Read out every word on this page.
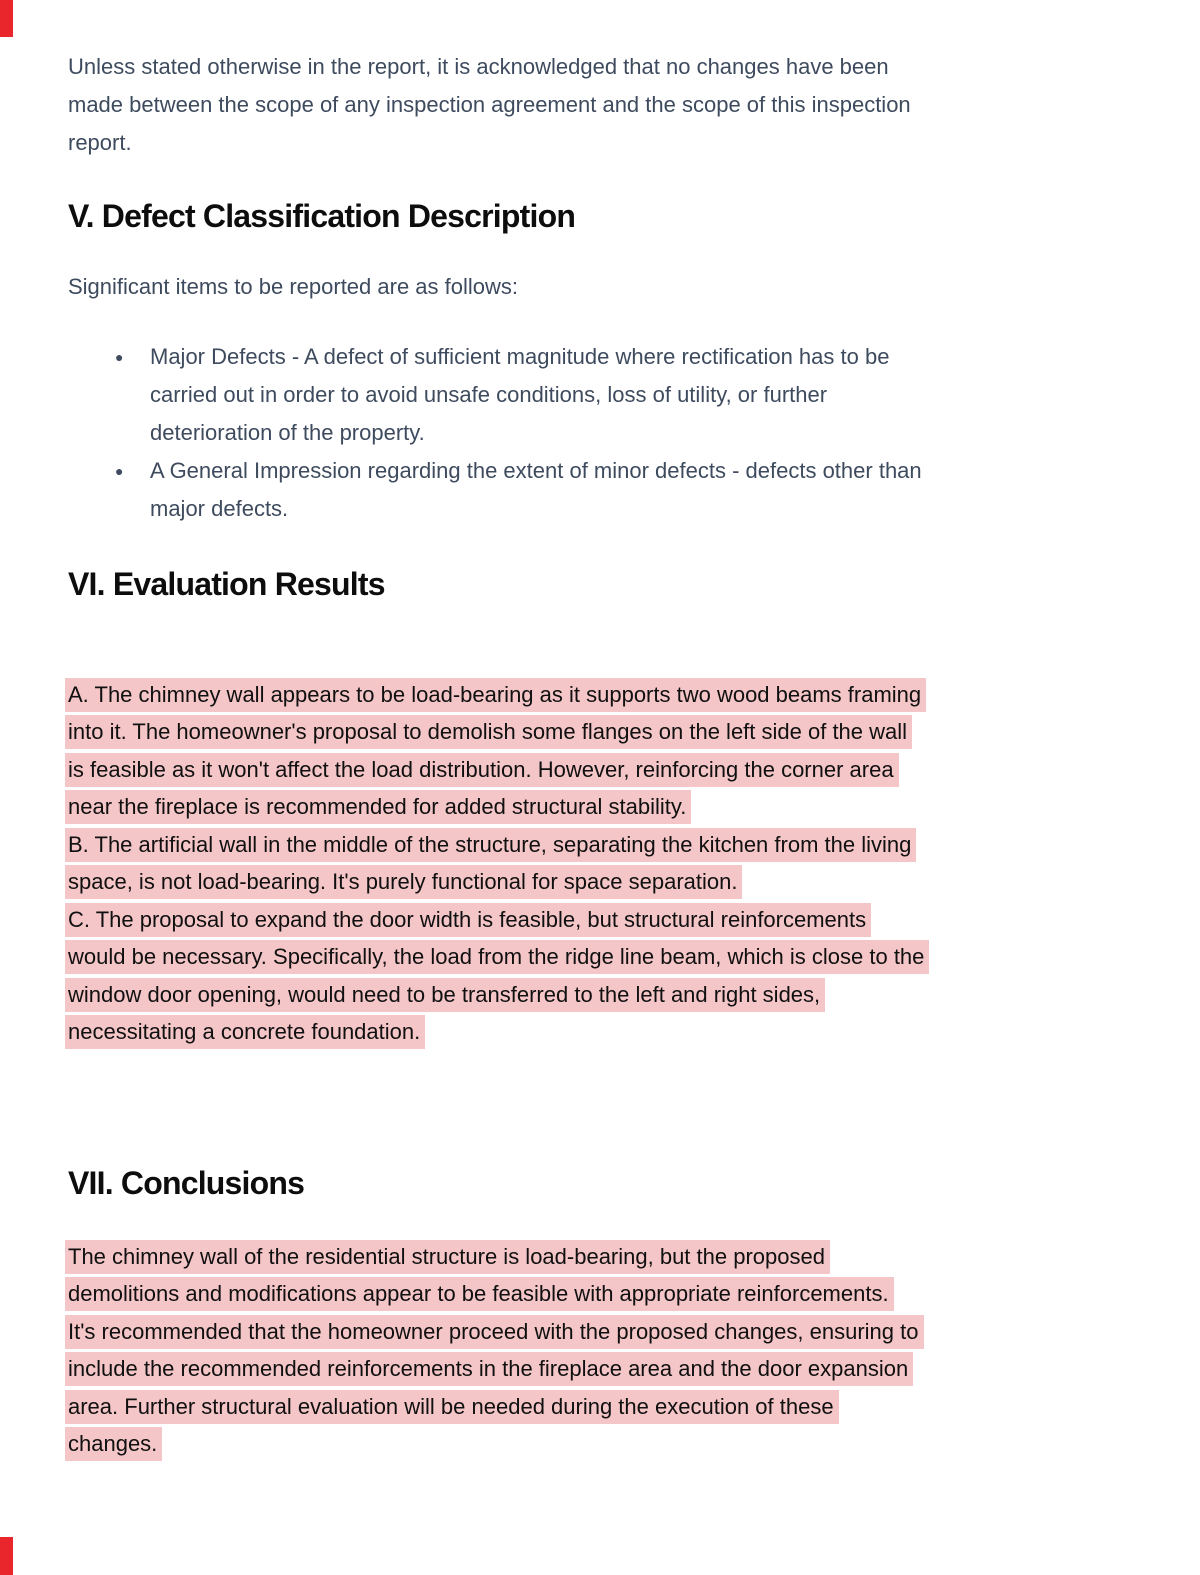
Unless stated otherwise in the report, it is acknowledged that no changes have been
made between the scope of any inspection agreement and the scope of this inspection
report.
V. Defect Classification Description
Significant items to be reported are as follows:
●	Major Defects - A defect of sufficient magnitude where rectification has to be
carried out in order to avoid unsafe conditions, loss of utility, or further
deterioration of the property.
●	A General Impression regarding the extent of minor defects - defects other than
major defects.
VI. Evaluation Results
A. The chimney wall appears to be load-bearing as it supports two wood beams framing
into it. The homeowner's proposal to demolish some flanges on the left side of the wall
is feasible as it won't affect the load distribution. However, reinforcing the corner area
near the fireplace is recommended for added structural stability.
B. The artificial wall in the middle of the structure, separating the kitchen from the living
space, is not load-bearing. It's purely functional for space separation.
C. The proposal to expand the door width is feasible, but structural reinforcements
would be necessary. Specifically, the load from the ridge line beam, which is close to the
window door opening, would need to be transferred to the left and right sides,
necessitating a concrete foundation.
VII. Conclusions
The chimney wall of the residential structure is load-bearing, but the proposed
demolitions and modifications appear to be feasible with appropriate reinforcements.
It's recommended that the homeowner proceed with the proposed changes, ensuring to
include the recommended reinforcements in the fireplace area and the door expansion
area. Further structural evaluation will be needed during the execution of these
changes.
